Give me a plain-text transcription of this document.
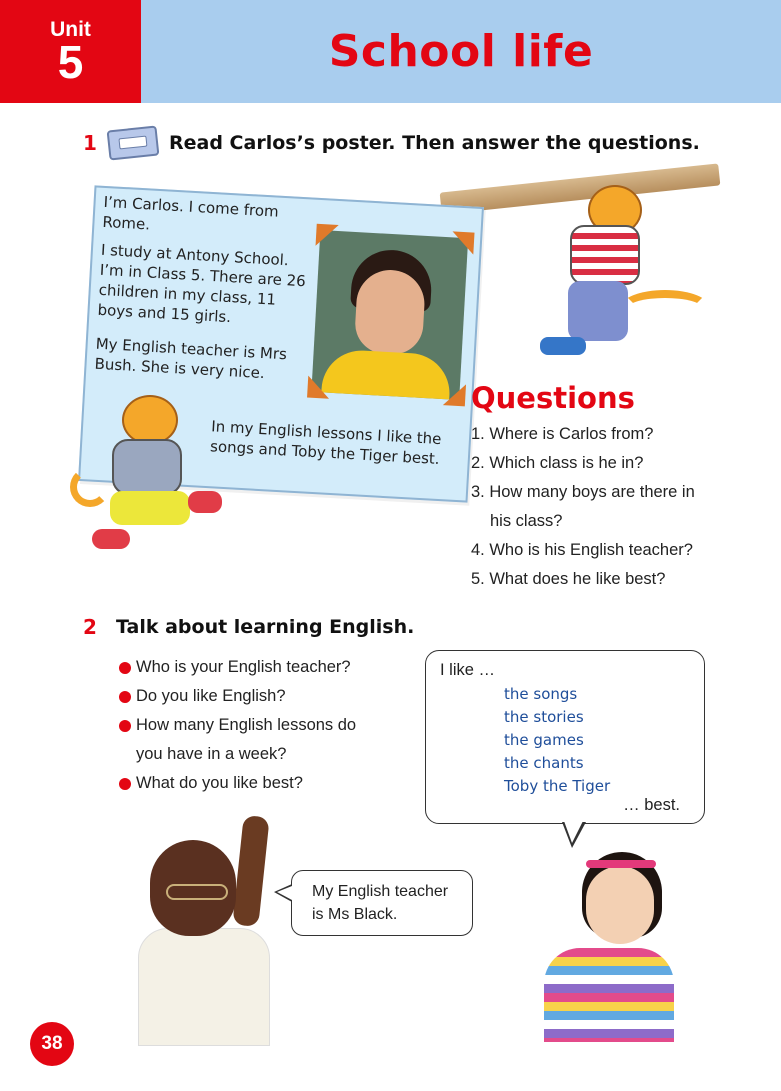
Unit
5	School life
1	Read Carlos’s poster. Then answer the questions.
I’m Carlos. I come from Rome.
I study at Antony School. I’m in Class 5. There are 26 children in my class, 11 boys and 15 girls.
My English teacher is Mrs Bush. She is very nice.
In my English lessons I like the songs and Toby the Tiger best.
Questions
1. Where is Carlos from?
2. Which class is he in?
3. How many boys are there in
his class?
4. Who is his English teacher?
5. What does he like best?
2 Talk about learning English.
Who is your English teacher?
Do you like English?
How many English lessons do
you have in a week?
What do you like best?
I like …
the songs
the stories
the games
the chants
Toby the Tiger
… best.
My English teacher
is Ms Black.
38
